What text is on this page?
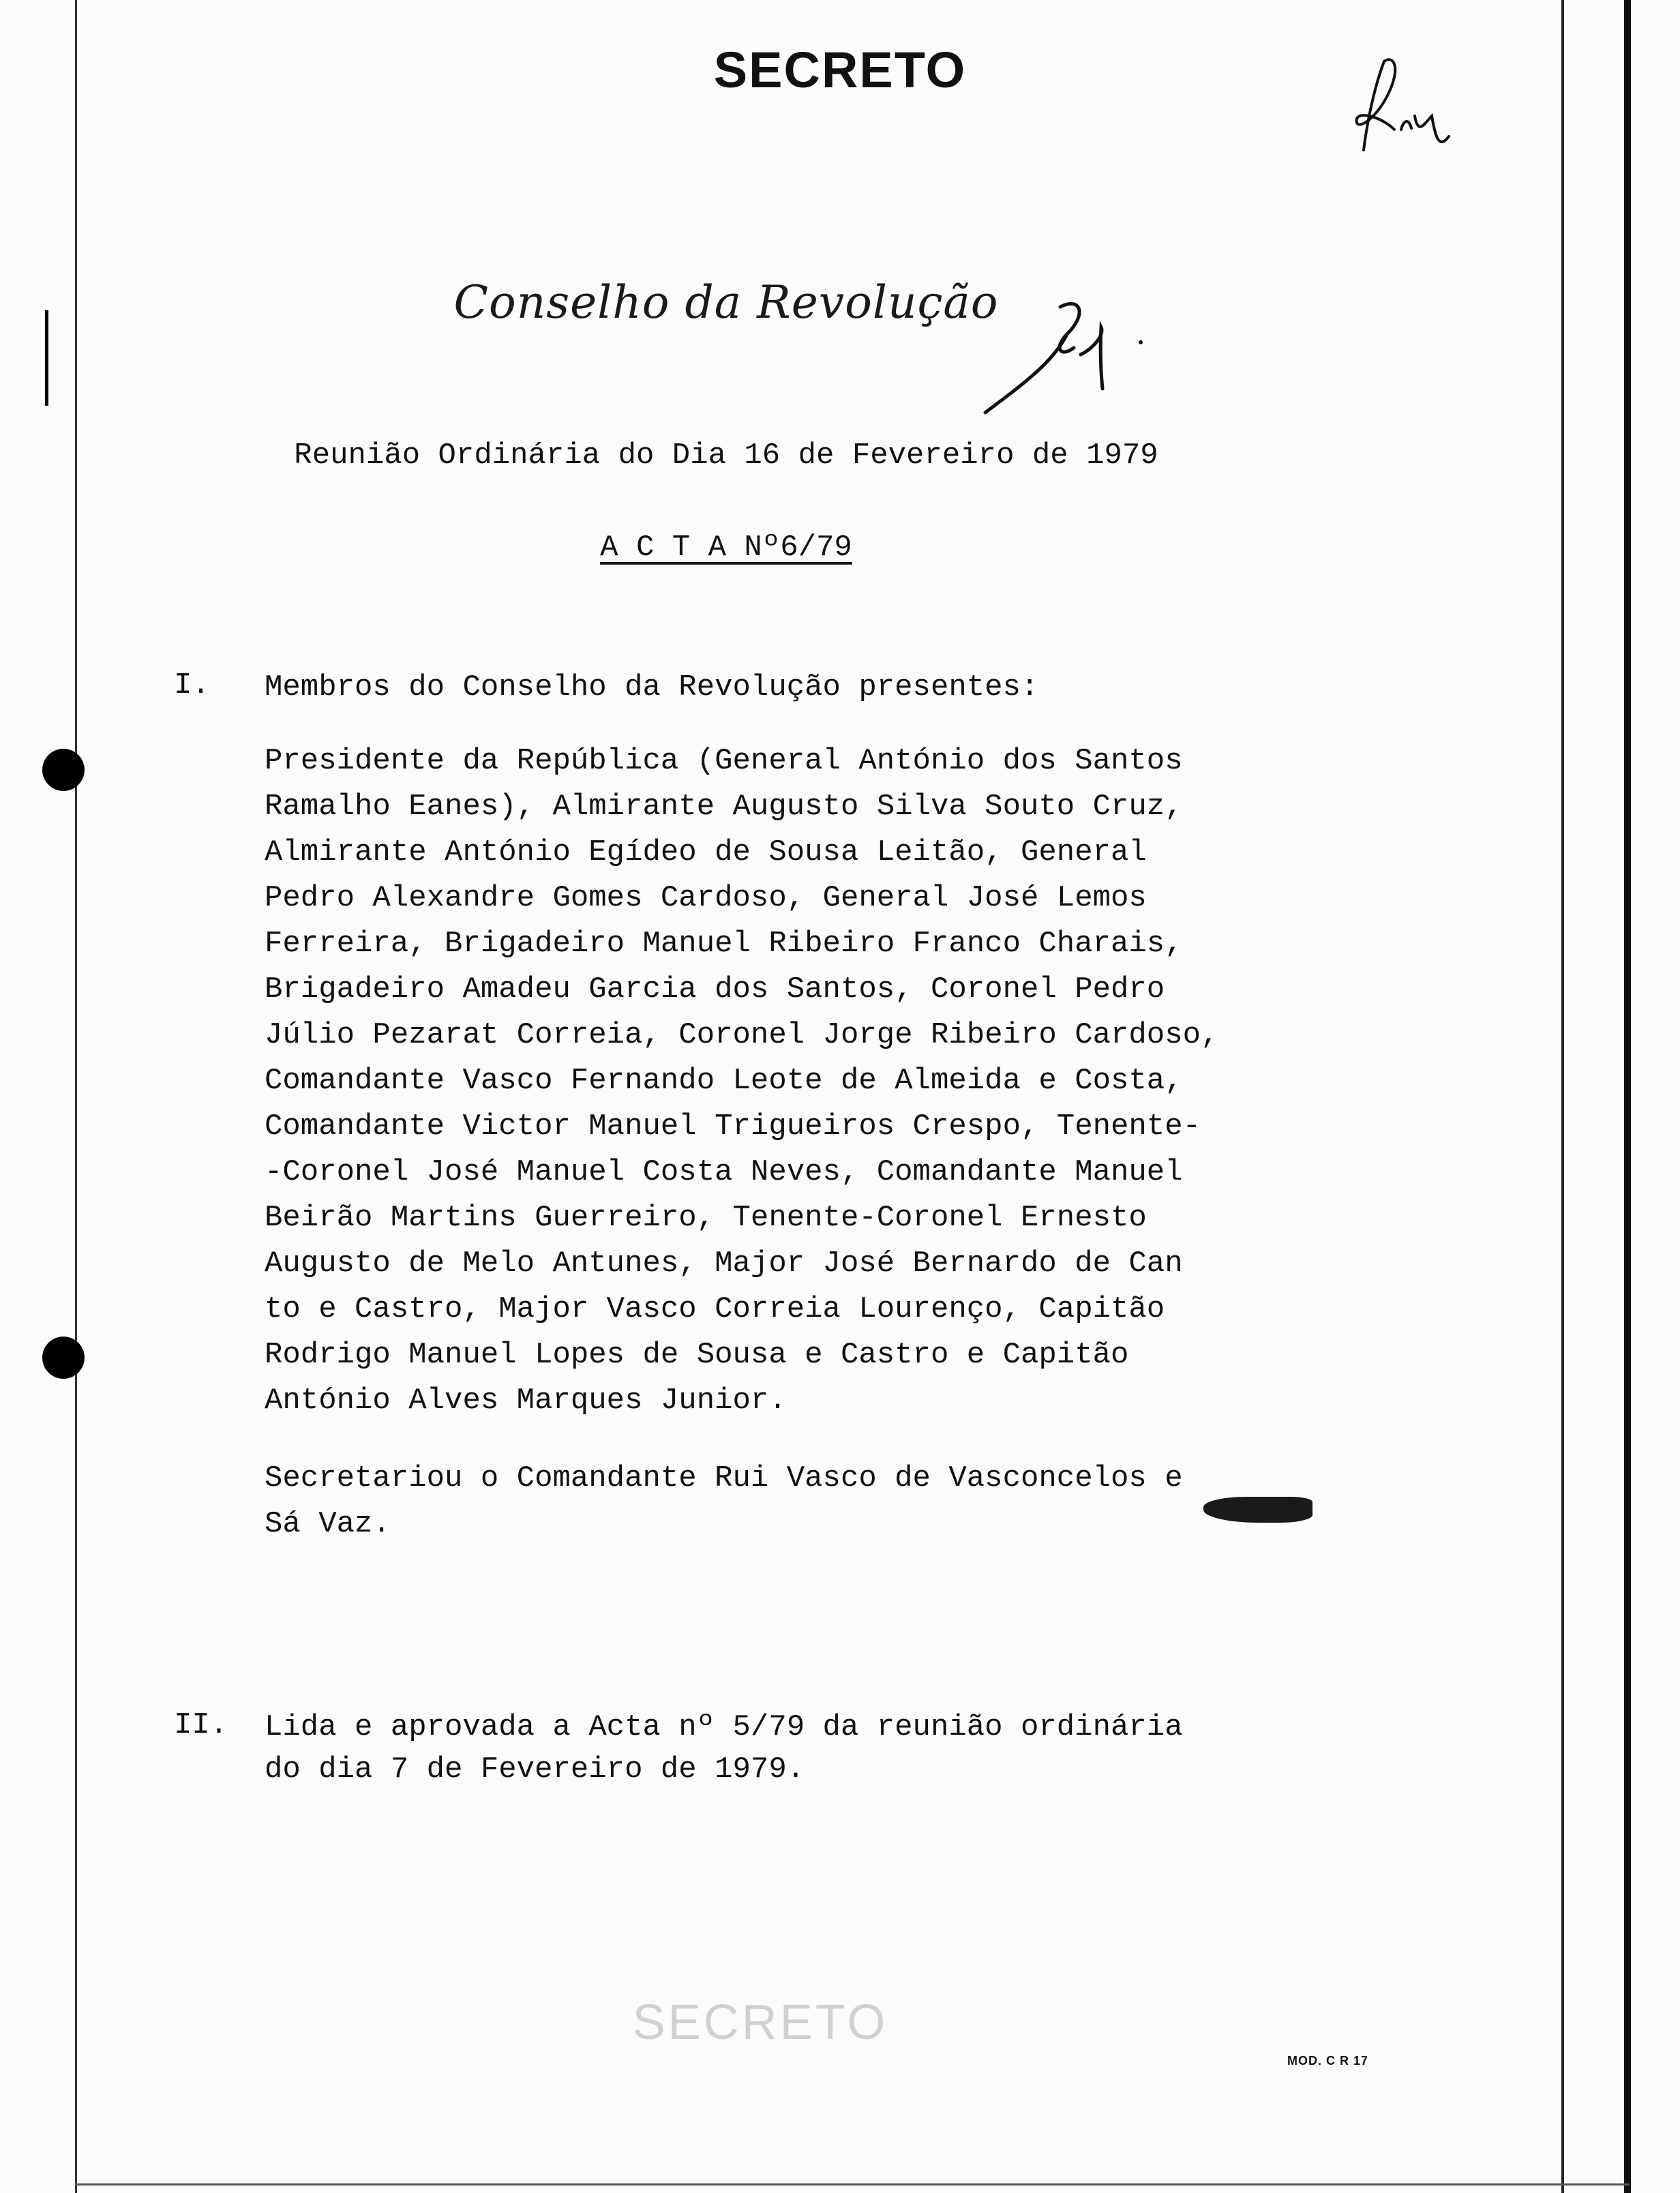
SECRETO
Conselho da Revolução
Reunião Ordinária do Dia 16 de Fevereiro de 1979
A C T A Nº6/79
I. Membros do Conselho da Revolução presentes:
Presidente da República (General António dos Santos
Ramalho Eanes), Almirante Augusto Silva Souto Cruz,
Almirante António Egídeo de Sousa Leitão, General
Pedro Alexandre Gomes Cardoso, General José Lemos
Ferreira, Brigadeiro Manuel Ribeiro Franco Charais,
Brigadeiro Amadeu Garcia dos Santos, Coronel Pedro
Júlio Pezarat Correia, Coronel Jorge Ribeiro Cardoso,
Comandante Vasco Fernando Leote de Almeida e Costa,
Comandante Victor Manuel Trigueiros Crespo, Tenente-
-Coronel José Manuel Costa Neves, Comandante Manuel
Beirão Martins Guerreiro, Tenente-Coronel Ernesto
Augusto de Melo Antunes, Major José Bernardo de Can
to e Castro, Major Vasco Correia Lourenço, Capitão
Rodrigo Manuel Lopes de Sousa e Castro e Capitão
António Alves Marques Junior.
Secretariou o Comandante Rui Vasco de Vasconcelos e
Sá Vaz.
II. Lida e aprovada a Acta nº 5/79 da reunião ordinária
do dia 7 de Fevereiro de 1979.
SECRETO
MOD. C R 17
